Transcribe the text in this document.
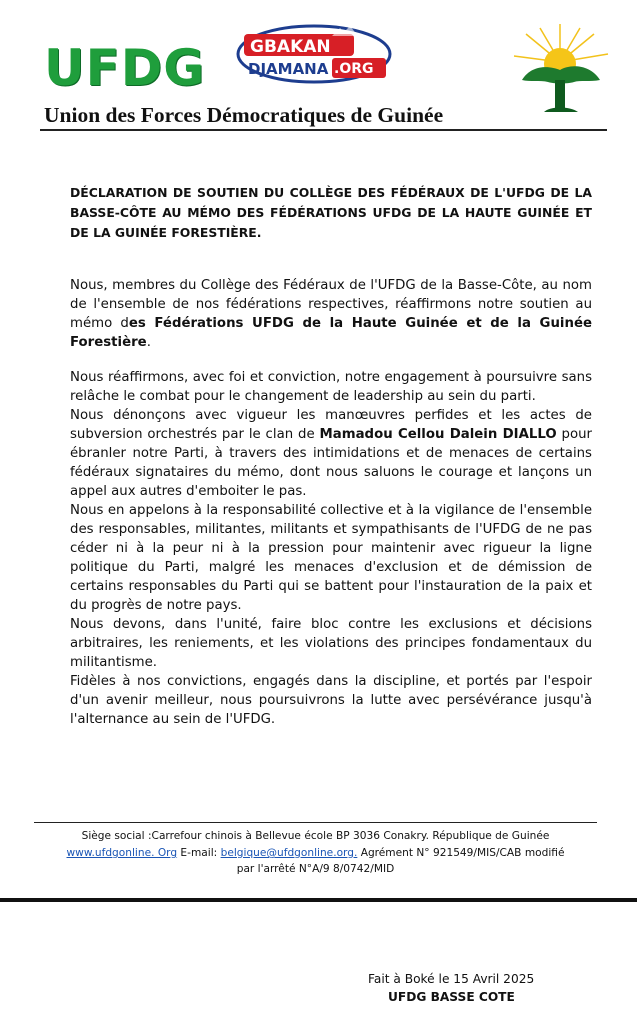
UFDG	GBAKAN
DJAMANA .ORG
Union des Forces Démocratiques de Guinée
DÉCLARATION DE SOUTIEN DU COLLÈGE DES FÉDÉRAUX DE L'UFDG DE LA BASSE-CÔTE AU MÉMO DES FÉDÉRATIONS UFDG DE LA HAUTE GUINÉE ET DE LA GUINÉE FORESTIÈRE.

Nous, membres du Collège des Fédéraux de l'UFDG de la Basse-Côte, au nom de l'ensemble de nos fédérations respectives, réaffirmons notre soutien au mémo des Fédérations UFDG de la Haute Guinée et de la Guinée Forestière.

Nous réaffirmons, avec foi et conviction, notre engagement à poursuivre sans relâche le combat pour le changement de leadership au sein du parti.

Nous dénonçons avec vigueur les manœuvres perfides et les actes de subversion orchestrés par le clan de Mamadou Cellou Dalein DIALLO pour ébranler notre Parti, à travers des intimidations et de menaces de certains fédéraux signataires du mémo, dont nous saluons le courage et lançons un appel aux autres d'emboiter le pas.

Nous en appelons à la responsabilité collective et à la vigilance de l'ensemble des responsables, militantes, militants et sympathisants de l'UFDG de ne pas céder ni à la peur ni à la pression pour maintenir avec rigueur la ligne politique du Parti, malgré les menaces d'exclusion et de démission de certains responsables du Parti qui se battent pour l'instauration de la paix et du progrès de notre pays.

Nous devons, dans l'unité, faire bloc contre les exclusions et décisions arbitraires, les reniements, et les violations des principes fondamentaux du militantisme.

Fidèles à nos convictions, engagés dans la discipline, et portés par l'espoir d'un avenir meilleur, nous poursuivrons la lutte avec persévérance jusqu'à l'alternance au sein de l'UFDG.

Siège social :Carrefour chinois à Bellevue école BP 3036 Conakry. République de Guinée
www.ufdgonline. Org E-mail: belgique@ufdgonline.org. Agrément N° 921549/MIS/CAB modifié
par l'arrêté N°A/9 8/0742/MID
Fait à Boké le 15 Avril 2025
UFDG BASSE COTE
